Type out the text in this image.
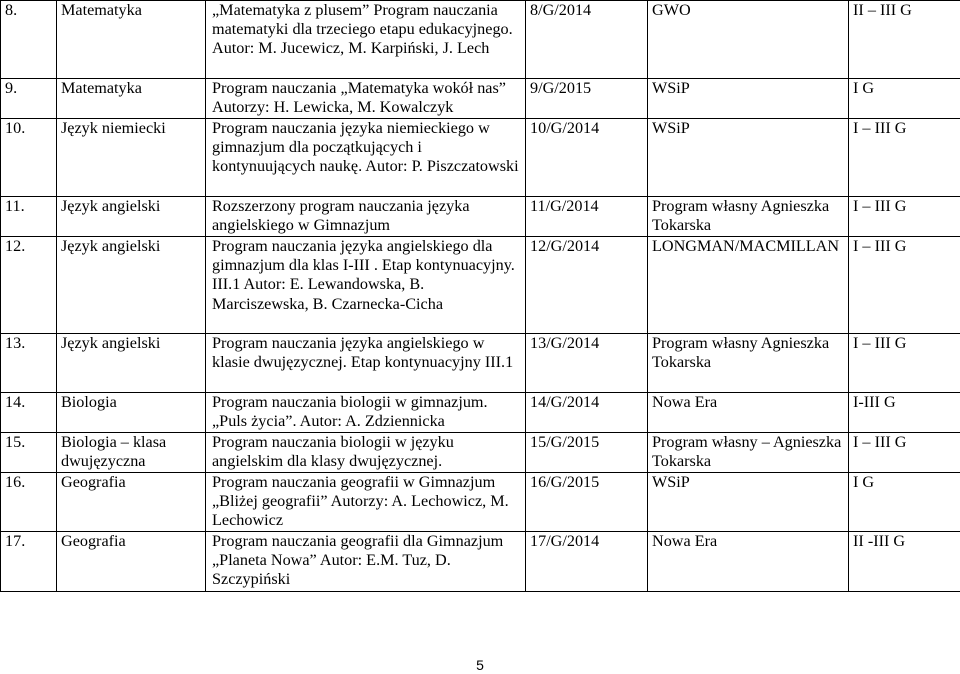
8.	Matematyka	„Matematyka z plusem” Program nauczania matematyki dla trzeciego etapu edukacyjnego. Autor: M. Jucewicz, M. Karpiński, J. Lech	8/G/2014	GWO	II – III G
9.	Matematyka	Program nauczania „Matematyka wokół nas” Autorzy: H. Lewicka, M. Kowalczyk	9/G/2015	WSiP	I G
10.	Język niemiecki	Program nauczania języka niemieckiego w gimnazjum dla początkujących i kontynuujących naukę. Autor: P. Piszczatowski	10/G/2014	WSiP	I – III G
11.	Język angielski	Rozszerzony program nauczania języka angielskiego w Gimnazjum	11/G/2014	Program własny Agnieszka Tokarska	I – III G
12.	Język angielski	Program nauczania języka angielskiego dla gimnazjum dla klas I-III . Etap kontynuacyjny. III.1 Autor: E. Lewandowska, B. Marciszewska, B. Czarnecka-Cicha	12/G/2014	LONGMAN/MACMILLAN	I – III G
13.	Język angielski	Program nauczania języka angielskiego w klasie dwujęzycznej. Etap kontynuacyjny III.1	13/G/2014	Program własny Agnieszka Tokarska	I – III G
14.	Biologia	Program nauczania biologii w gimnazjum. „Puls życia”. Autor: A. Zdziennicka	14/G/2014	Nowa Era	I-III G
15.	Biologia – klasa dwujęzyczna	Program nauczania biologii w języku angielskim dla klasy dwujęzycznej.	15/G/2015	Program własny – Agnieszka Tokarska	I – III G
16.	Geografia	Program nauczania geografii w Gimnazjum „Bliżej geografii” Autorzy: A. Lechowicz, M. Lechowicz	16/G/2015	WSiP	I G
17.	Geografia	Program nauczania geografii dla Gimnazjum „Planeta Nowa” Autor: E.M. Tuz, D. Szczypiński	17/G/2014	Nowa Era	II -III G
5
